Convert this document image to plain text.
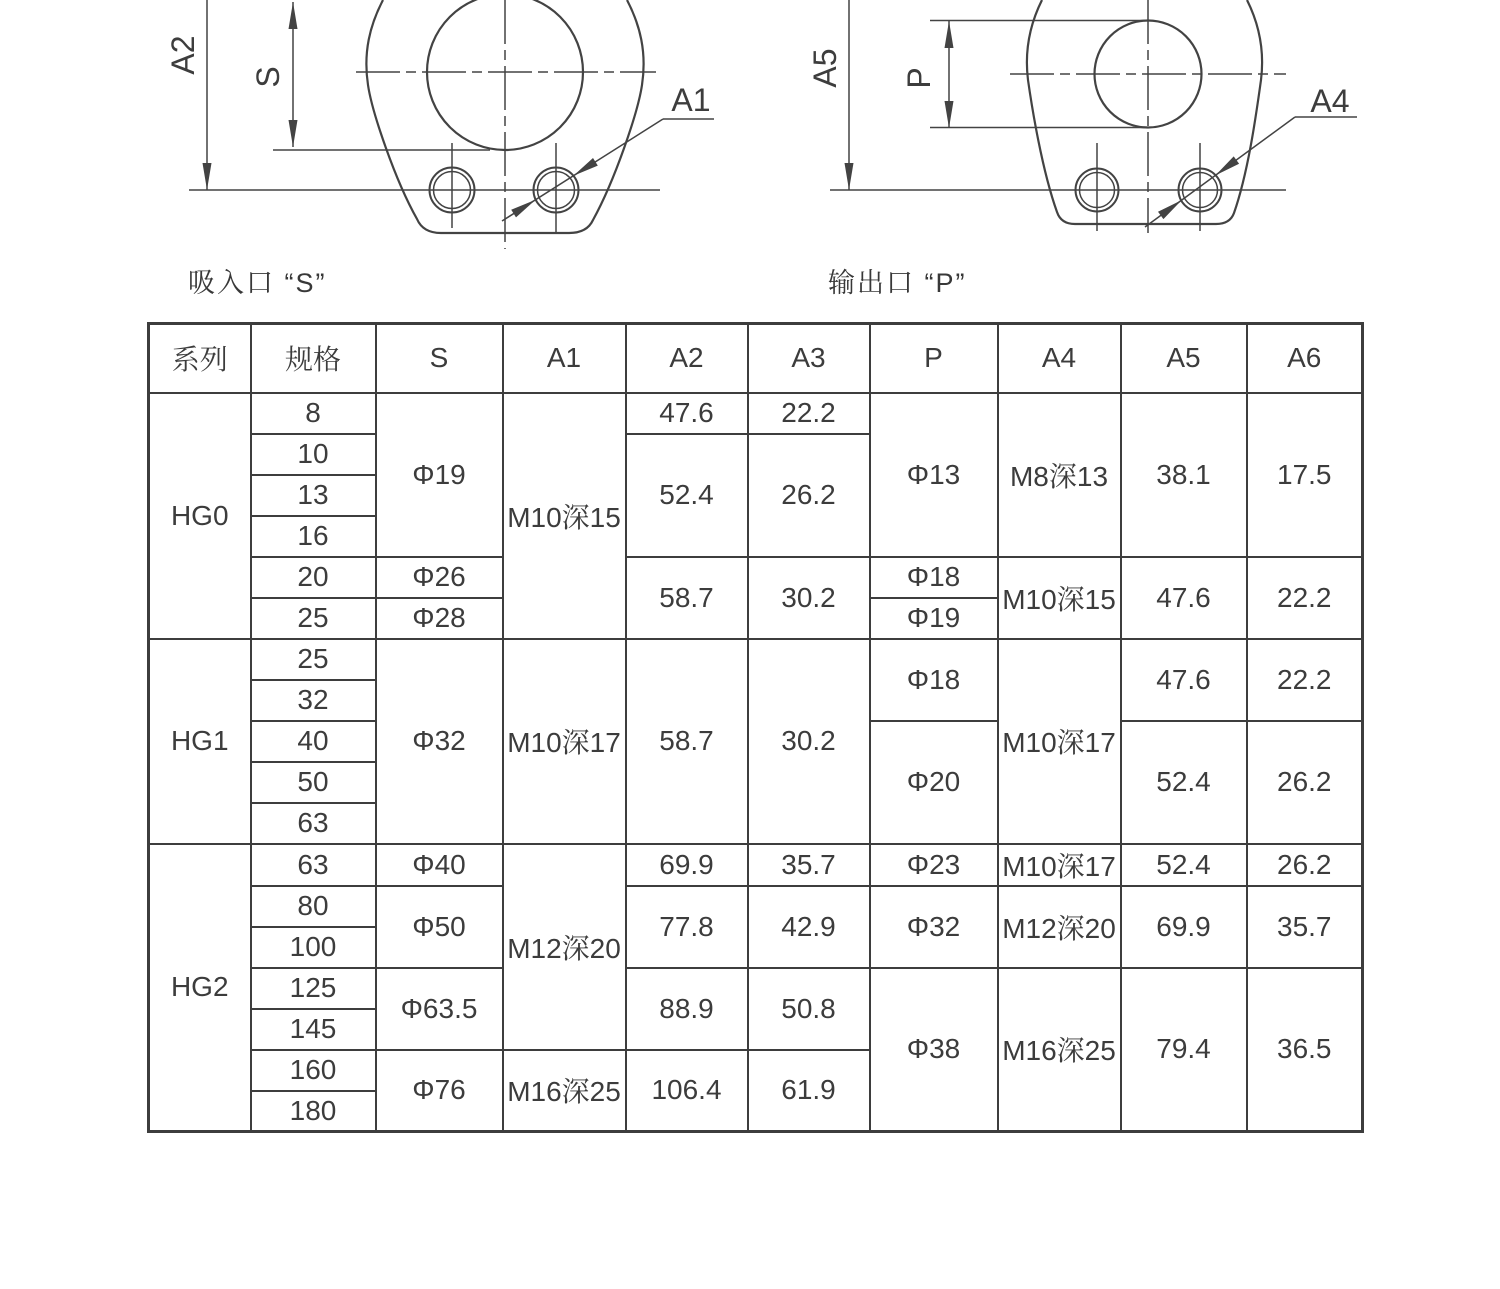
A2
S
A1
A5 P
A4
吸入口 “S”	输出口 “P”
系列	规格	S	A1	A2	A3	P	A4	A5	A6
HG0	8	Φ19	M10深15	47.6	22.2	Φ13	M8深13	38.1	17.5
	10			52.4	26.2				
	13								
	16								
	20	Φ26		58.7	30.2	Φ18	M10深15	47.6	22.2
	25	Φ28				Φ19			
HG1	25	Φ32	M10深17	58.7	30.2	Φ18	M10深17	47.6	22.2
	32								
	40					Φ20		52.4	26.2
	50								
	63								
HG2	63	Φ40	M12深20	69.9	35.7	Φ23	M10深17	52.4	26.2
	80	Φ50		77.8	42.9	Φ32	M12深20	69.9	35.7
	100								
	125	Φ63.5		88.9	50.8	Φ38	M16深25	79.4	36.5
	145								
	160	Φ76	M16深25	106.4	61.9				
	180								
